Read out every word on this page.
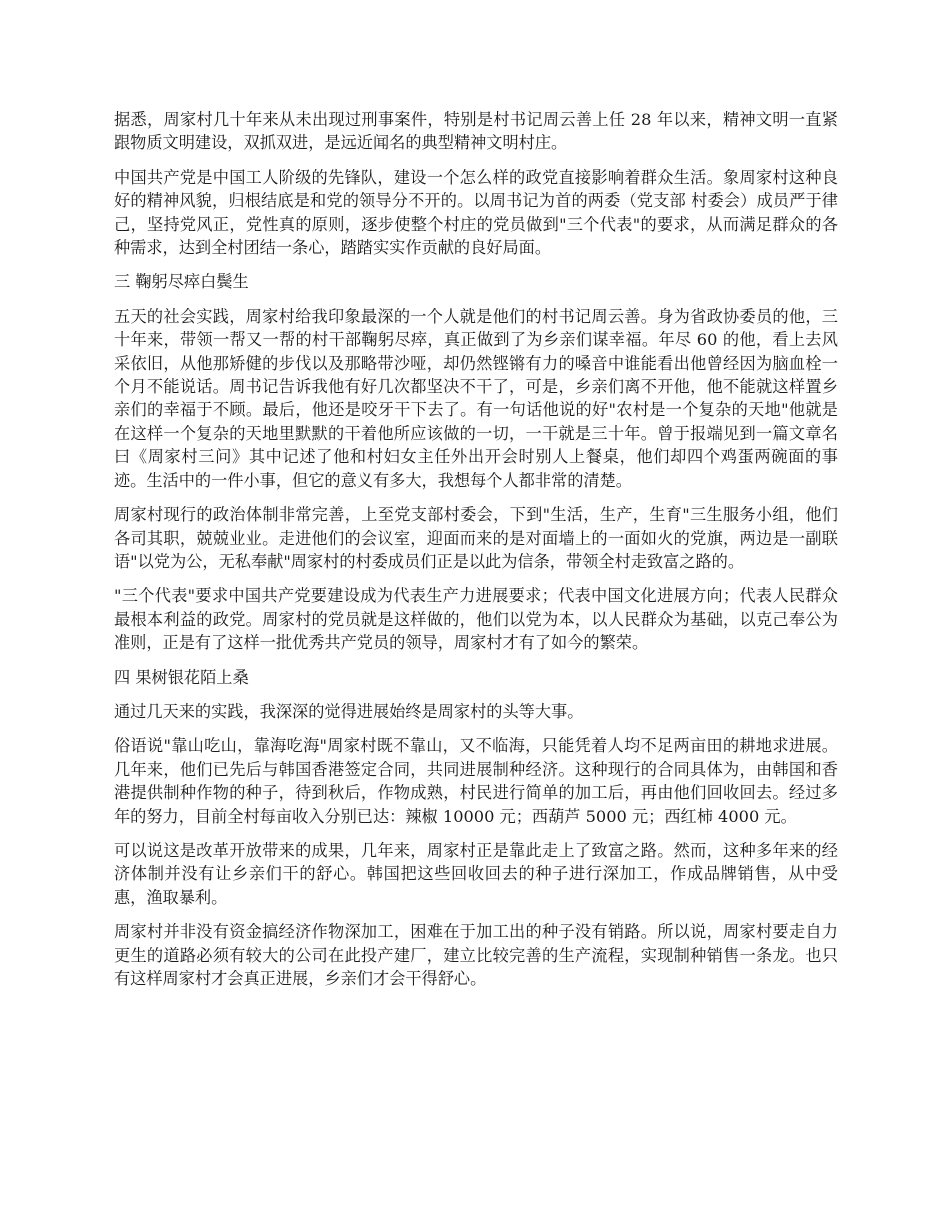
据悉，周家村几十年来从未出现过刑事案件，特别是村书记周云善上任 28 年以来，精神文明一直紧跟物质文明建设，双抓双进，是远近闻名的典型精神文明村庄。

中国共产党是中国工人阶级的先锋队，建设一个怎么样的政党直接影响着群众生活。象周家村这种良好的精神风貌，归根结底是和党的领导分不开的。以周书记为首的两委（党支部 村委会）成员严于律己，坚持党风正，党性真的原则，逐步使整个村庄的党员做到"三个代表"的要求，从而满足群众的各种需求，达到全村团结一条心，踏踏实实作贡献的良好局面。

三 鞠躬尽瘁白鬓生

五天的社会实践，周家村给我印象最深的一个人就是他们的村书记周云善。身为省政协委员的他，三十年来，带领一帮又一帮的村干部鞠躬尽瘁，真正做到了为乡亲们谋幸福。年尽 60 的他，看上去风采依旧，从他那矫健的步伐以及那略带沙哑，却仍然铿锵有力的嗓音中谁能看出他曾经因为脑血栓一个月不能说话。周书记告诉我他有好几次都坚决不干了，可是，乡亲们离不开他，他不能就这样置乡亲们的幸福于不顾。最后，他还是咬牙干下去了。有一句话他说的好"农村是一个复杂的天地"他就是在这样一个复杂的天地里默默的干着他所应该做的一切，一干就是三十年。曾于报端见到一篇文章名曰《周家村三问》其中记述了他和村妇女主任外出开会时别人上餐桌，他们却四个鸡蛋两碗面的事迹。生活中的一件小事，但它的意义有多大，我想每个人都非常的清楚。

周家村现行的政治体制非常完善，上至党支部村委会，下到"生活，生产，生育"三生服务小组，他们各司其职，兢兢业业。走进他们的会议室，迎面而来的是对面墙上的一面如火的党旗，两边是一副联语"以党为公，无私奉献"周家村的村委成员们正是以此为信条，带领全村走致富之路的。

"三个代表"要求中国共产党要建设成为代表生产力进展要求；代表中国文化进展方向；代表人民群众最根本利益的政党。周家村的党员就是这样做的，他们以党为本，以人民群众为基础，以克己奉公为准则，正是有了这样一批优秀共产党员的领导，周家村才有了如今的繁荣。

四 果树银花陌上桑

通过几天来的实践，我深深的觉得进展始终是周家村的头等大事。

俗语说"靠山吃山，靠海吃海"周家村既不靠山，又不临海，只能凭着人均不足两亩田的耕地求进展。几年来，他们已先后与韩国香港签定合同，共同进展制种经济。这种现行的合同具体为，由韩国和香港提供制种作物的种子，待到秋后，作物成熟，村民进行简单的加工后，再由他们回收回去。经过多年的努力，目前全村每亩收入分别已达：辣椒 10000 元；西葫芦 5000 元；西红柿 4000 元。

可以说这是改革开放带来的成果，几年来，周家村正是靠此走上了致富之路。然而，这种多年来的经济体制并没有让乡亲们干的舒心。韩国把这些回收回去的种子进行深加工，作成品牌销售，从中受惠，渔取暴利。

周家村并非没有资金搞经济作物深加工，困难在于加工出的种子没有销路。所以说，周家村要走自力更生的道路必须有较大的公司在此投产建厂，建立比较完善的生产流程，实现制种销售一条龙。也只有这样周家村才会真正进展，乡亲们才会干得舒心。
